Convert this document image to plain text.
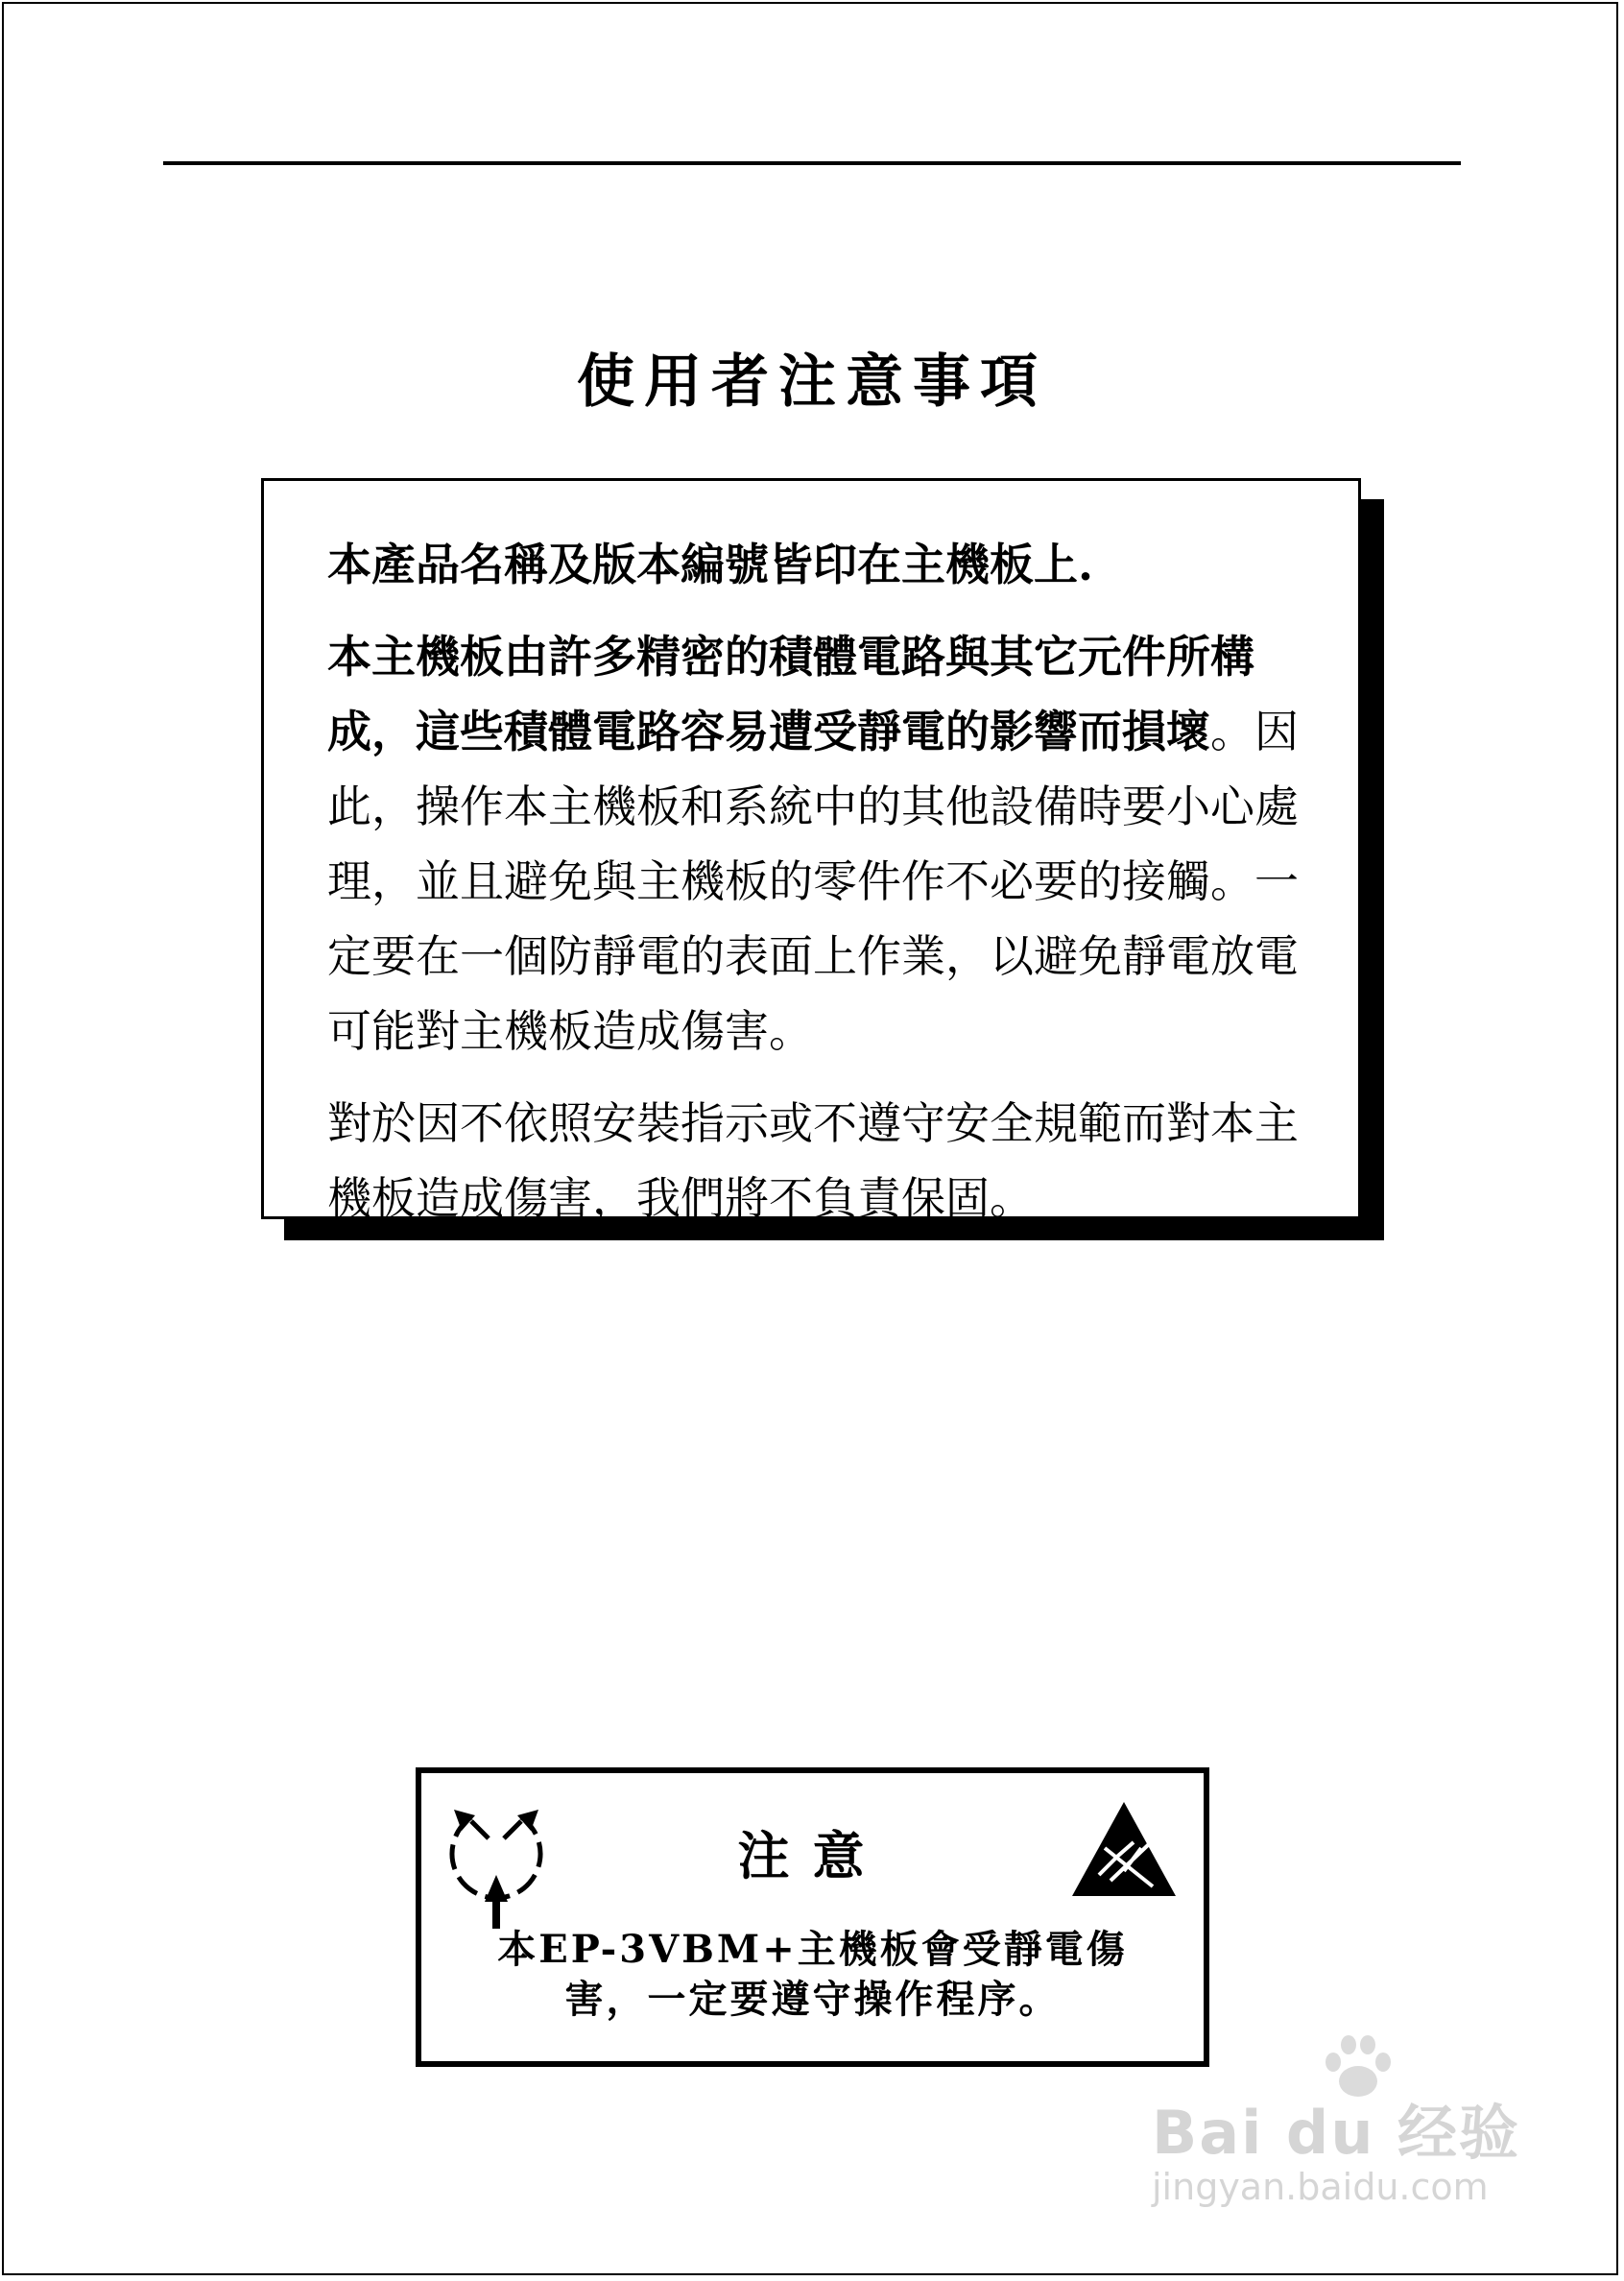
使用者注意事項

本產品名稱及版本編號皆印在主機板上.

本主機板由許多精密的積體電路與其它元件所構成，這些積體電路容易遭受靜電的影響而損壞。因此，操作本主機板和系統中的其他設備時要小心處理，並且避免與主機板的零件作不必要的接觸。一定要在一個防靜電的表面上作業，以避免靜電放電可能對主機板造成傷害。

對於因不依照安裝指示或不遵守安全規範而對本主機板造成傷害，我們將不負責保固。

注意
本EP-3VBM+主機板會受靜電傷
害，一定要遵守操作程序。
Bai du 经验
jingyan.baidu.com
